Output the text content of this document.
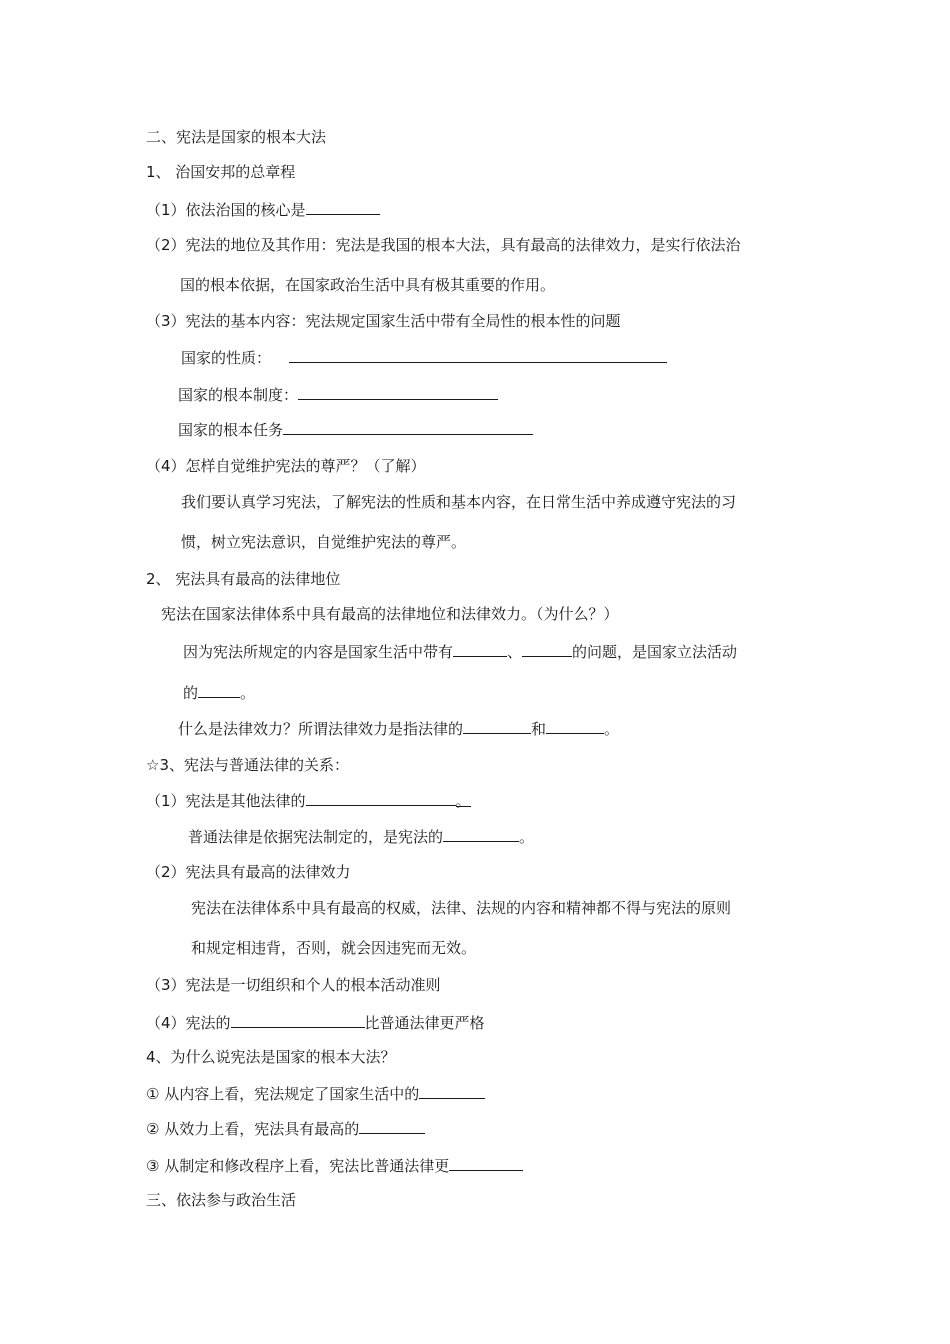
二、宪法是国家的根本大法
1、 治国安邦的总章程
（1）依法治国的核心是
（2）宪法的地位及其作用：宪法是我国的根本大法，具有最高的法律效力，是实行依法治
国的根本依据，在国家政治生活中具有极其重要的作用。
（3）宪法的基本内容：宪法规定国家生活中带有全局性的根本性的问题
国家的性质：
国家的根本制度：
国家的根本任务
（4）怎样自觉维护宪法的尊严？（了解）
我们要认真学习宪法，了解宪法的性质和基本内容，在日常生活中养成遵守宪法的习
惯，树立宪法意识，自觉维护宪法的尊严。
2、 宪法具有最高的法律地位
宪法在国家法律体系中具有最高的法律地位和法律效力。（为什么？）
因为宪法所规定的内容是国家生活中带有	、	的问题，是国家立法活动
的	。
什么是法律效力？所谓法律效力是指法律的	和	。
☆3、宪法与普通法律的关系：
（1）宪法是其他法律的	。
普通法律是依据宪法制定的，是宪法的	。
（2）宪法具有最高的法律效力
宪法在法律体系中具有最高的权威，法律、法规的内容和精神都不得与宪法的原则
和规定相违背，否则，就会因违宪而无效。
（3）宪法是一切组织和个人的根本活动准则
（4）宪法的	比普通法律更严格
4、为什么说宪法是国家的根本大法？
① 从内容上看，宪法规定了国家生活中的
② 从效力上看，宪法具有最高的
③ 从制定和修改程序上看，宪法比普通法律更
三、依法参与政治生活
